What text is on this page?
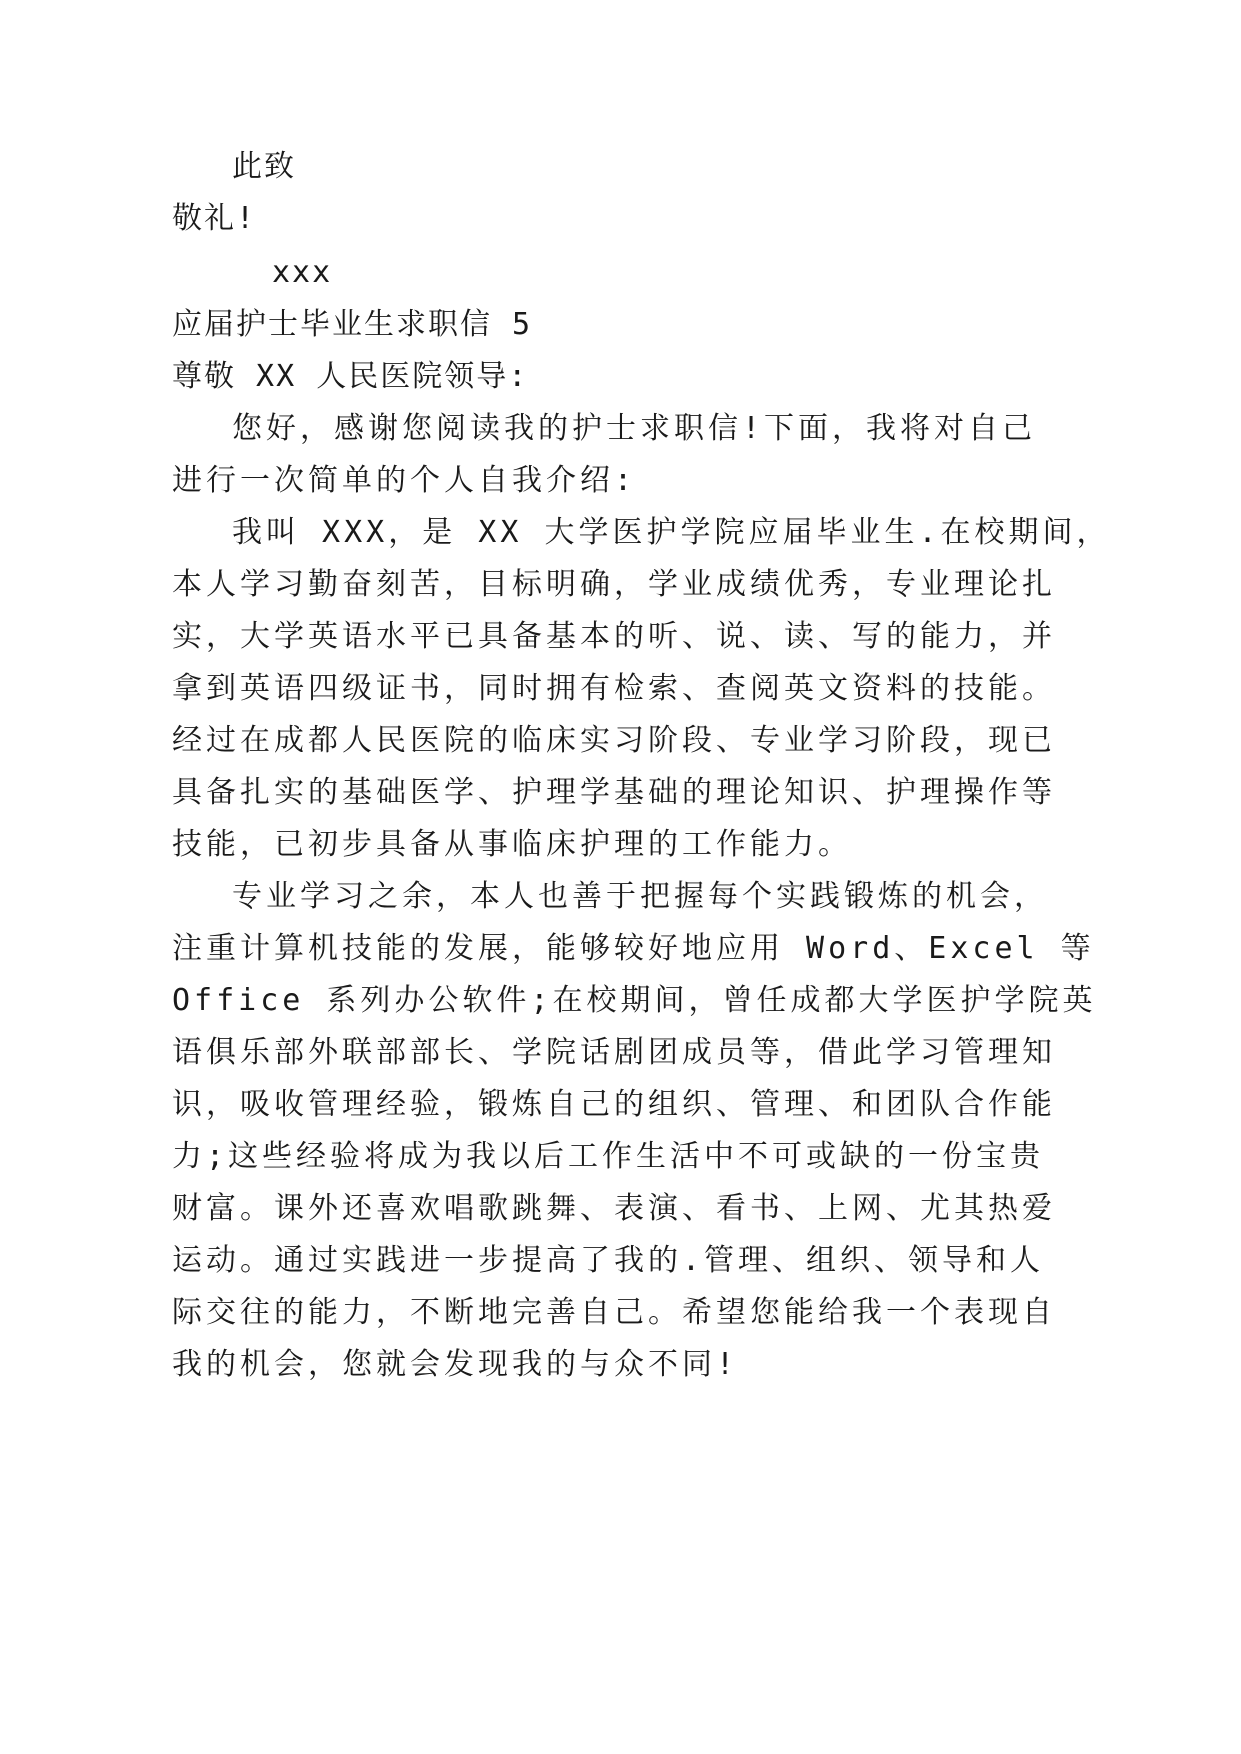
此致
敬礼!
xxx
应届护士毕业生求职信 5
尊敬 XX 人民医院领导:
您好，感谢您阅读我的护士求职信!下面，我将对自己
进行一次简单的个人自我介绍:
我叫 XXX，是 XX 大学医护学院应届毕业生.在校期间，
本人学习勤奋刻苦，目标明确，学业成绩优秀，专业理论扎
实，大学英语水平已具备基本的听、说、读、写的能力，并
拿到英语四级证书，同时拥有检索、查阅英文资料的技能。
经过在成都人民医院的临床实习阶段、专业学习阶段，现已
具备扎实的基础医学、护理学基础的理论知识、护理操作等
技能，已初步具备从事临床护理的工作能力。
专业学习之余，本人也善于把握每个实践锻炼的机会，
注重计算机技能的发展，能够较好地应用 Word、Excel 等
Office 系列办公软件;在校期间，曾任成都大学医护学院英
语俱乐部外联部部长、学院话剧团成员等，借此学习管理知
识，吸收管理经验，锻炼自己的组织、管理、和团队合作能
力;这些经验将成为我以后工作生活中不可或缺的一份宝贵
财富。课外还喜欢唱歌跳舞、表演、看书、上网、尤其热爱
运动。通过实践进一步提高了我的.管理、组织、领导和人
际交往的能力，不断地完善自己。希望您能给我一个表现自
我的机会，您就会发现我的与众不同!
